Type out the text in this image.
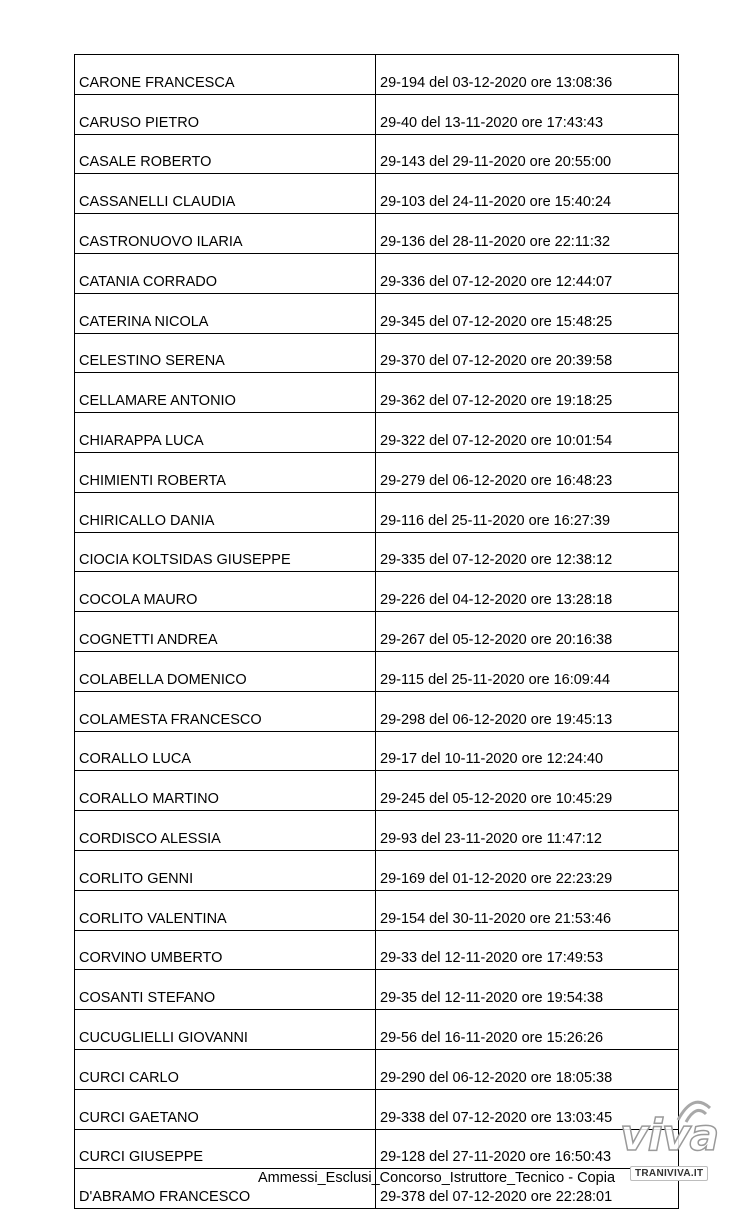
CARONE FRANCESCA	29-194 del 03-12-2020 ore 13:08:36
CARUSO PIETRO	29-40 del 13-11-2020 ore 17:43:43
CASALE ROBERTO	29-143 del 29-11-2020 ore 20:55:00
CASSANELLI CLAUDIA	29-103 del 24-11-2020 ore 15:40:24
CASTRONUOVO ILARIA	29-136 del 28-11-2020 ore 22:11:32
CATANIA CORRADO	29-336 del 07-12-2020 ore 12:44:07
CATERINA NICOLA	29-345 del 07-12-2020 ore 15:48:25
CELESTINO SERENA	29-370 del 07-12-2020 ore 20:39:58
CELLAMARE ANTONIO	29-362 del 07-12-2020 ore 19:18:25
CHIARAPPA LUCA	29-322 del 07-12-2020 ore 10:01:54
CHIMIENTI ROBERTA	29-279 del 06-12-2020 ore 16:48:23
CHIRICALLO DANIA	29-116 del 25-11-2020 ore 16:27:39
CIOCIA KOLTSIDAS GIUSEPPE	29-335 del 07-12-2020 ore 12:38:12
COCOLA MAURO	29-226 del 04-12-2020 ore 13:28:18
COGNETTI ANDREA	29-267 del 05-12-2020 ore 20:16:38
COLABELLA DOMENICO	29-115 del 25-11-2020 ore 16:09:44
COLAMESTA FRANCESCO	29-298 del 06-12-2020 ore 19:45:13
CORALLO LUCA	29-17 del 10-11-2020 ore 12:24:40
CORALLO MARTINO	29-245 del 05-12-2020 ore 10:45:29
CORDISCO ALESSIA	29-93 del 23-11-2020 ore 11:47:12
CORLITO GENNI	29-169 del 01-12-2020 ore 22:23:29
CORLITO VALENTINA	29-154 del 30-11-2020 ore 21:53:46
CORVINO UMBERTO	29-33 del 12-11-2020 ore 17:49:53
COSANTI STEFANO	29-35 del 12-11-2020 ore 19:54:38
CUCUGLIELLI GIOVANNI	29-56 del 16-11-2020 ore 15:26:26
CURCI CARLO	29-290 del 06-12-2020 ore 18:05:38
CURCI GAETANO	29-338 del 07-12-2020 ore 13:03:45
CURCI GIUSEPPE	29-128 del 27-11-2020 ore 16:50:43
D'ABRAMO FRANCESCO	29-378 del 07-12-2020 ore 22:28:01
Ammessi_Esclusi_Concorso_Istruttore_Tecnico - Copia
viva
TRANIVIVA.IT
